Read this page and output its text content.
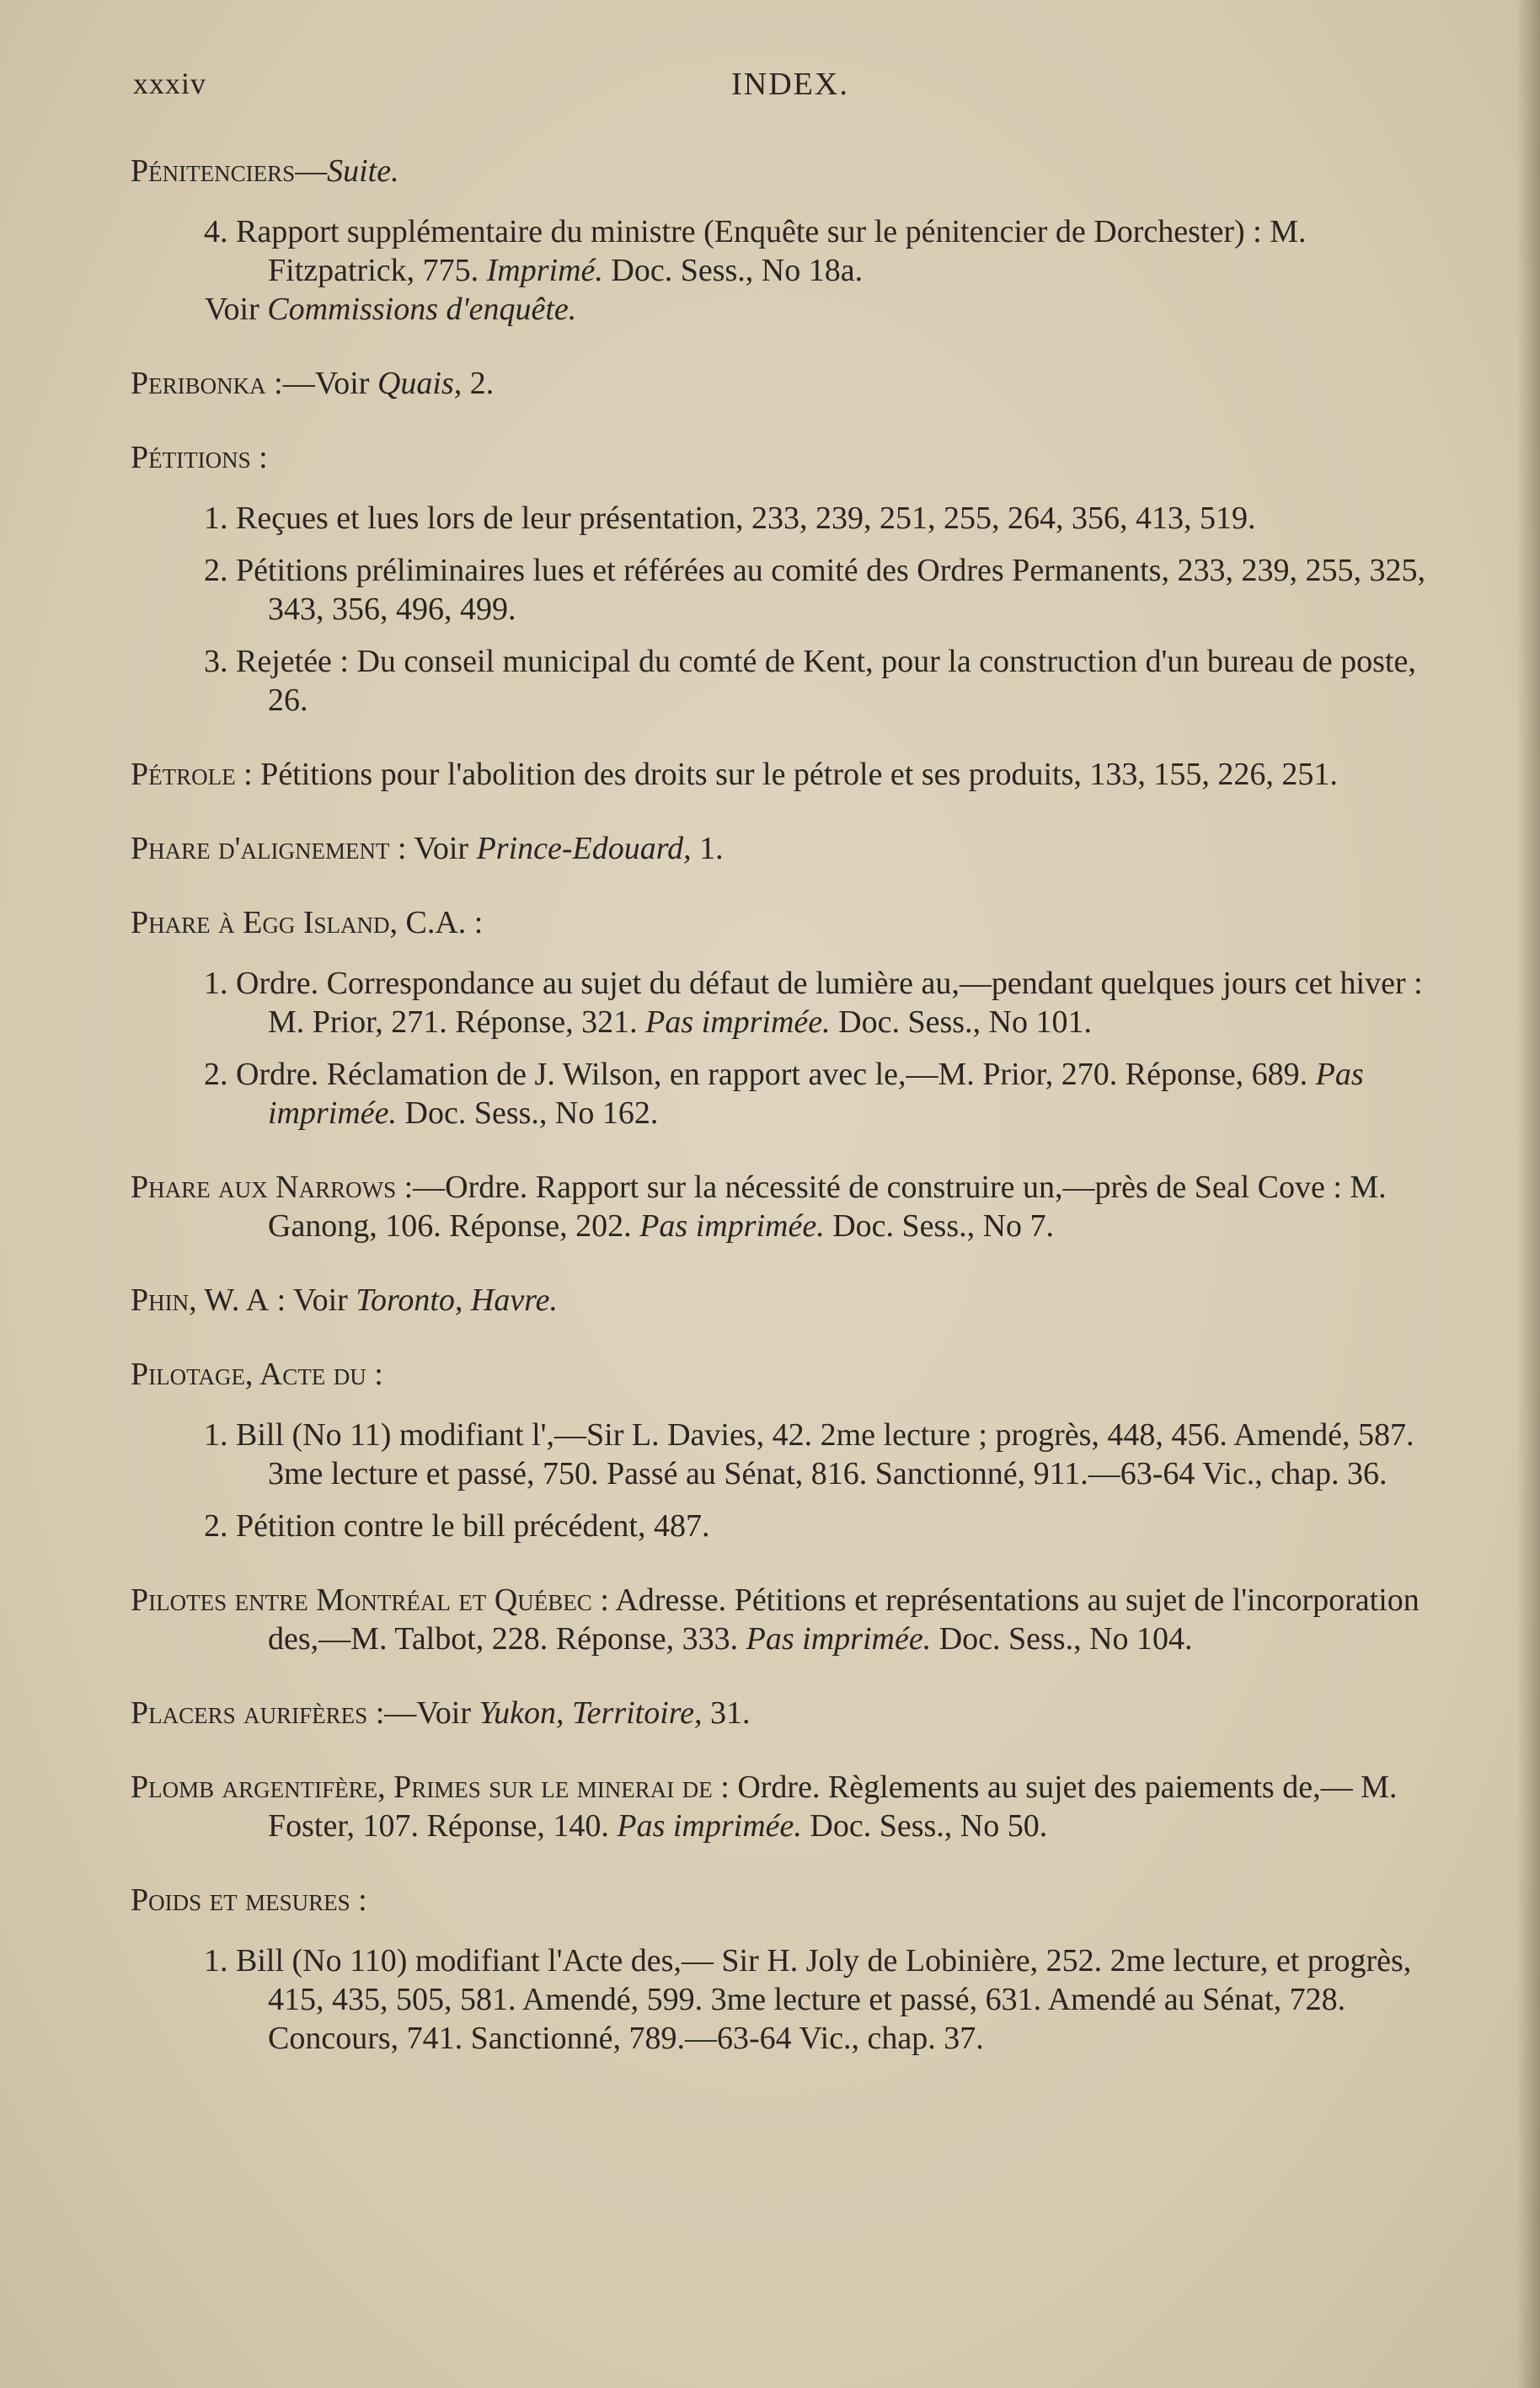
xxxiv	INDEX.
Pénitenciers—Suite.
4. Rapport supplémentaire du ministre (Enquête sur le pénitencier de Dorchester) : M. Fitzpatrick, 775. Imprimé. Doc. Sess., No 18a.
Voir Commissions d'enquête.
Peribonka :—Voir Quais, 2.
Pétitions :
1. Reçues et lues lors de leur présentation, 233, 239, 251, 255, 264, 356, 413, 519.
2. Pétitions préliminaires lues et référées au comité des Ordres Permanents, 233, 239, 255, 325, 343, 356, 496, 499.
3. Rejetée : Du conseil municipal du comté de Kent, pour la construction d'un bureau de poste, 26.
Pétrole : Pétitions pour l'abolition des droits sur le pétrole et ses produits, 133, 155, 226, 251.
Phare d'alignement : Voir Prince-Edouard, 1.
Phare à Egg Island, C.A. :
1. Ordre. Correspondance au sujet du défaut de lumière au,—pendant quelques jours cet hiver : M. Prior, 271. Réponse, 321. Pas imprimée. Doc. Sess., No 101.
2. Ordre. Réclamation de J. Wilson, en rapport avec le,—M. Prior, 270. Réponse, 689. Pas imprimée. Doc. Sess., No 162.
Phare aux Narrows :—Ordre. Rapport sur la nécessité de construire un,—près de Seal Cove : M. Ganong, 106. Réponse, 202. Pas imprimée. Doc. Sess., No 7.
Phin, W. A : Voir Toronto, Havre.
Pilotage, Acte du :
1. Bill (No 11) modifiant l',—Sir L. Davies, 42. 2me lecture ; progrès, 448, 456. Amendé, 587. 3me lecture et passé, 750. Passé au Sénat, 816. Sanctionné, 911.—63-64 Vic., chap. 36.
2. Pétition contre le bill précédent, 487.
Pilotes entre Montréal et Québec : Adresse. Pétitions et représentations au sujet de l'incorporation des,—M. Talbot, 228. Réponse, 333. Pas imprimée. Doc. Sess., No 104.
Placers aurifères :—Voir Yukon, Territoire, 31.
Plomb argentifère, Primes sur le minerai de : Ordre. Règlements au sujet des paiements de,— M. Foster, 107. Réponse, 140. Pas imprimée. Doc. Sess., No 50.
Poids et mesures :
1. Bill (No 110) modifiant l'Acte des,— Sir H. Joly de Lobinière, 252. 2me lecture, et progrès, 415, 435, 505, 581. Amendé, 599. 3me lecture et passé, 631. Amendé au Sénat, 728. Concours, 741. Sanctionné, 789.—63-64 Vic., chap. 37.
